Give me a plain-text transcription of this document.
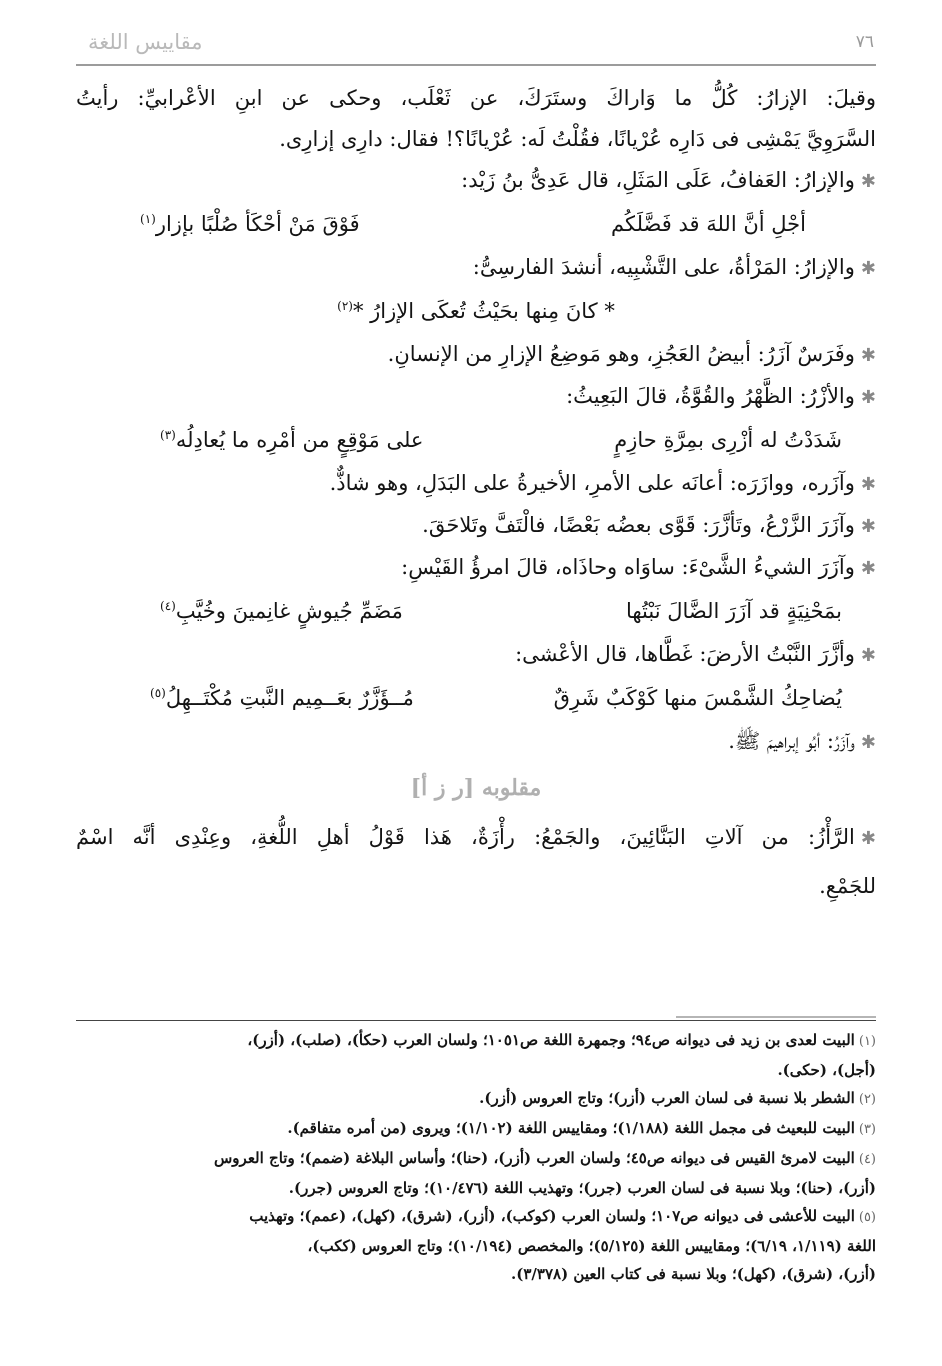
مقاييس اللغة	٧٦
وقيلَ: الإزارُ: كُلُّ ما وَاراكَ وستَرَكَ، عن ثَعْلَب، وحكى عن ابنِ الأعْرابيِّ: رأيتُ
السَّرَوِيَّ يَمْشِى فى دَارِه عُرْيانًا، فقُلْتُ لَه: عُرْيانًا؟! فقال: دارِى إزارِى.
✱والإزارُ: العَفافُ، عَلَى المَثَلِ، قال عَدِىُّ بنُ زَيْد:
أجْلِ أنَّ اللهَ قد فَضَّلَكُم
فَوْقَ مَنْ أحْكَأ صُلْبًا بإزار$^{(١)}$
✱والإزارُ: المَرْأةُ، على التَّشْبِيه، أنشدَ الفارسِىُّ:
* كانَ مِنها بحَيْثُ تُعكَى الإزارُ *$^{(٢)}$
✱وفَرَسٌ آزَرُ: أبيضُ العَجُزِ، وهو مَوضِعُ الإزارِ من الإنسانِ.
✱والأزْرُ: الظَّهْرُ والقُوَّةُ، قالَ البَعِيثُ:
شَدَدْتُ له أزْرِى بمِرَّةِ حازِمٍ
على مَوْقِعٍ من أمْرِه ما يُعادِلُه$^{(٣)}$
✱وآزَره، ووازَرَه: أعانَه على الأمرِ، الأخيرةُ على البَدَلِ، وهو شاذٌّ.
✱وآزَرَ الزَّرْعُ، وتَأزَّرَ: قَوَّى بعضُه بَعْضًا، فالْتَفَّ وتَلاحَقَ.
✱وآزَرَ الشيءُ الشَّىْءَ: ساوَاه وحاذَاه، قالَ امرؤُ القَيْسِ:
بمَحْنِيَةٍ قد آزَرَ الضَّالَ نَبْتُها
مَضَمِّ جُيوشٍ غانِمينَ وخُيَّبِ$^{(٤)}$
✱وأزَّرَ النَّبْتُ الأرضَ: غَطَّاها، قال الأعْشى:
يُضاحِكُ الشَّمْسَ منها كَوْكَبٌ شَرِقٌ
مُــؤَزَّرٌ بعَــمِيم النَّبتِ مُكْتَــهِلُ$^{(٥)}$
✱وآزَرُ: أبُو إبراهيمَ ﷺ.
مقلوبه [ر ز أ]
✱الرَّأْزُ: من آلاتِ البَنَّائِينَ، والجَمْعُ: رأْزَةٌ، هَذا قَوْلُ أهلِ اللُّغةِ، وعِنْدِى أنَّه اسْمٌ
للجَمْعِ.
(١)البيت لعدى بن زيد فى ديوانه ص٩٤؛ وجمهرة اللغة ص١٠٥١؛ ولسان العرب (حكأ)، (صلب)، (أزر)،
(أجل)، (حكى).
(٢)الشطر بلا نسبة فى لسان العرب (أزر)؛ وتاج العروس (أزر).
(٣)البيت للبعيث فى مجمل اللغة (١/١٨٨)؛ ومقاييس اللغة (١/١٠٢)؛ ويروى (من أمره متفاقم).
(٤)البيت لامرئ القيس فى ديوانه ص٤٥؛ ولسان العرب (أزر)، (حنا)؛ وأساس البلاغة (ضمم)؛ وتاج العروس
(أزر)، (حنا)؛ وبلا نسبة فى لسان العرب (جرر)؛ وتهذيب اللغة (١٠/٤٧٦)؛ وتاج العروس (جرر).
(٥)البيت للأعشى فى ديوانه ص١٠٧؛ ولسان العرب (كوكب)، (أزر)، (شرق)، (كهل)، (عمم)؛ وتهذيب
اللغة (١/١١٩، ٦/١٩)؛ ومقاييس اللغة (٥/١٢٥)؛ والمخصص (١٠/١٩٤)؛ وتاج العروس (ككب)،
(أزر)، (شرق)، (كهل)؛ وبلا نسبة فى كتاب العين (٣/٣٧٨).
